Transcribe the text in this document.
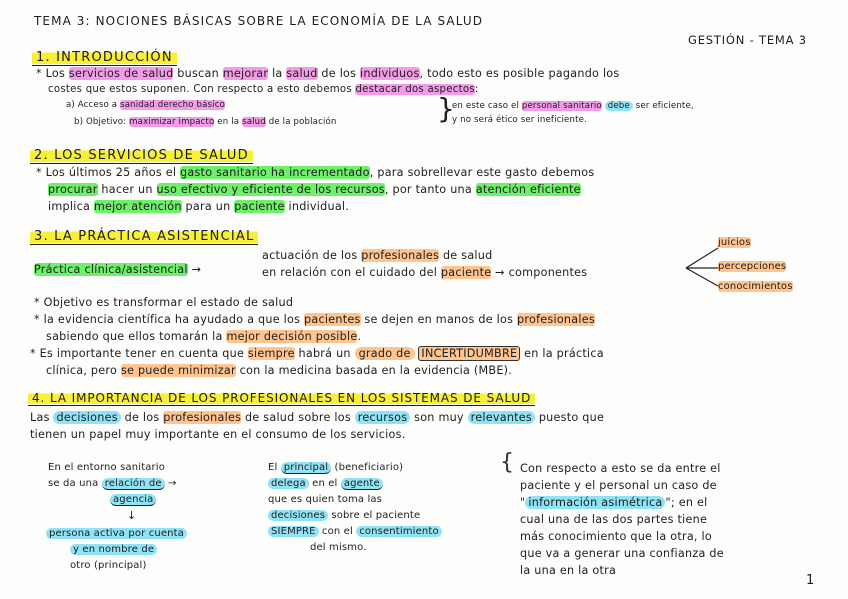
TEMA 3: NOCIONES BÁSICAS SOBRE LA ECONOMÍA DE LA SALUD
GESTIÓN - TEMA 3
1. INTRODUCCIÓN
* Los servicios de salud buscan mejorar la salud de los individuos, todo esto es posible pagando los
costes que estos suponen. Con respecto a esto debemos destacar dos aspectos:
a) Acceso a sanidad derecho básico
b) Objetivo: maximizar impacto en la salud de la población	}
en este caso el personal sanitario debe ser eficiente,
y no será ético ser ineficiente.
2. LOS SERVICIOS DE SALUD
* Los últimos 25 años el gasto sanitario ha incrementado, para sobrellevar este gasto debemos
procurar hacer un uso efectivo y eficiente de los recursos, por tanto una atención eficiente
implica mejor atención para un paciente individual.
3. LA PRÁCTICA ASISTENCIAL
Práctica clínica/asistencial →
actuación de los profesionales de salud
en relación con el cuidado del paciente → componentes
juicios
percepciones
conocimientos
* Objetivo es transformar el estado de salud
* la evidencia científica ha ayudado a que los pacientes se dejen en manos de los profesionales
sabiendo que ellos tomarán la mejor decisión posible.
* Es importante tener en cuenta que siempre habrá un grado de INCERTIDUMBRE en la práctica
clínica, pero se puede minimizar con la medicina basada en la evidencia (MBE).
4. LA IMPORTANCIA DE LOS PROFESIONALES EN LOS SISTEMAS DE SALUD
Las decisiones de los profesionales de salud sobre los recursos son muy relevantes puesto que
tienen un papel muy importante en el consumo de los servicios.
En el entorno sanitario
se da una relación de →
agencia
↓
persona activa por cuenta
y en nombre de
otro (principal)
El principal (beneficiario)
delega en el agente
que es quien toma las
decisiones sobre el paciente
SIEMPRE con el consentimiento
del mismo.
{ Con respecto a esto se da entre el
paciente y el personal un caso de
" información asimétrica "; en el
cual una de las dos partes tiene
más conocimiento que la otra, lo
que va a generar una confianza de
la una en la otra
1
